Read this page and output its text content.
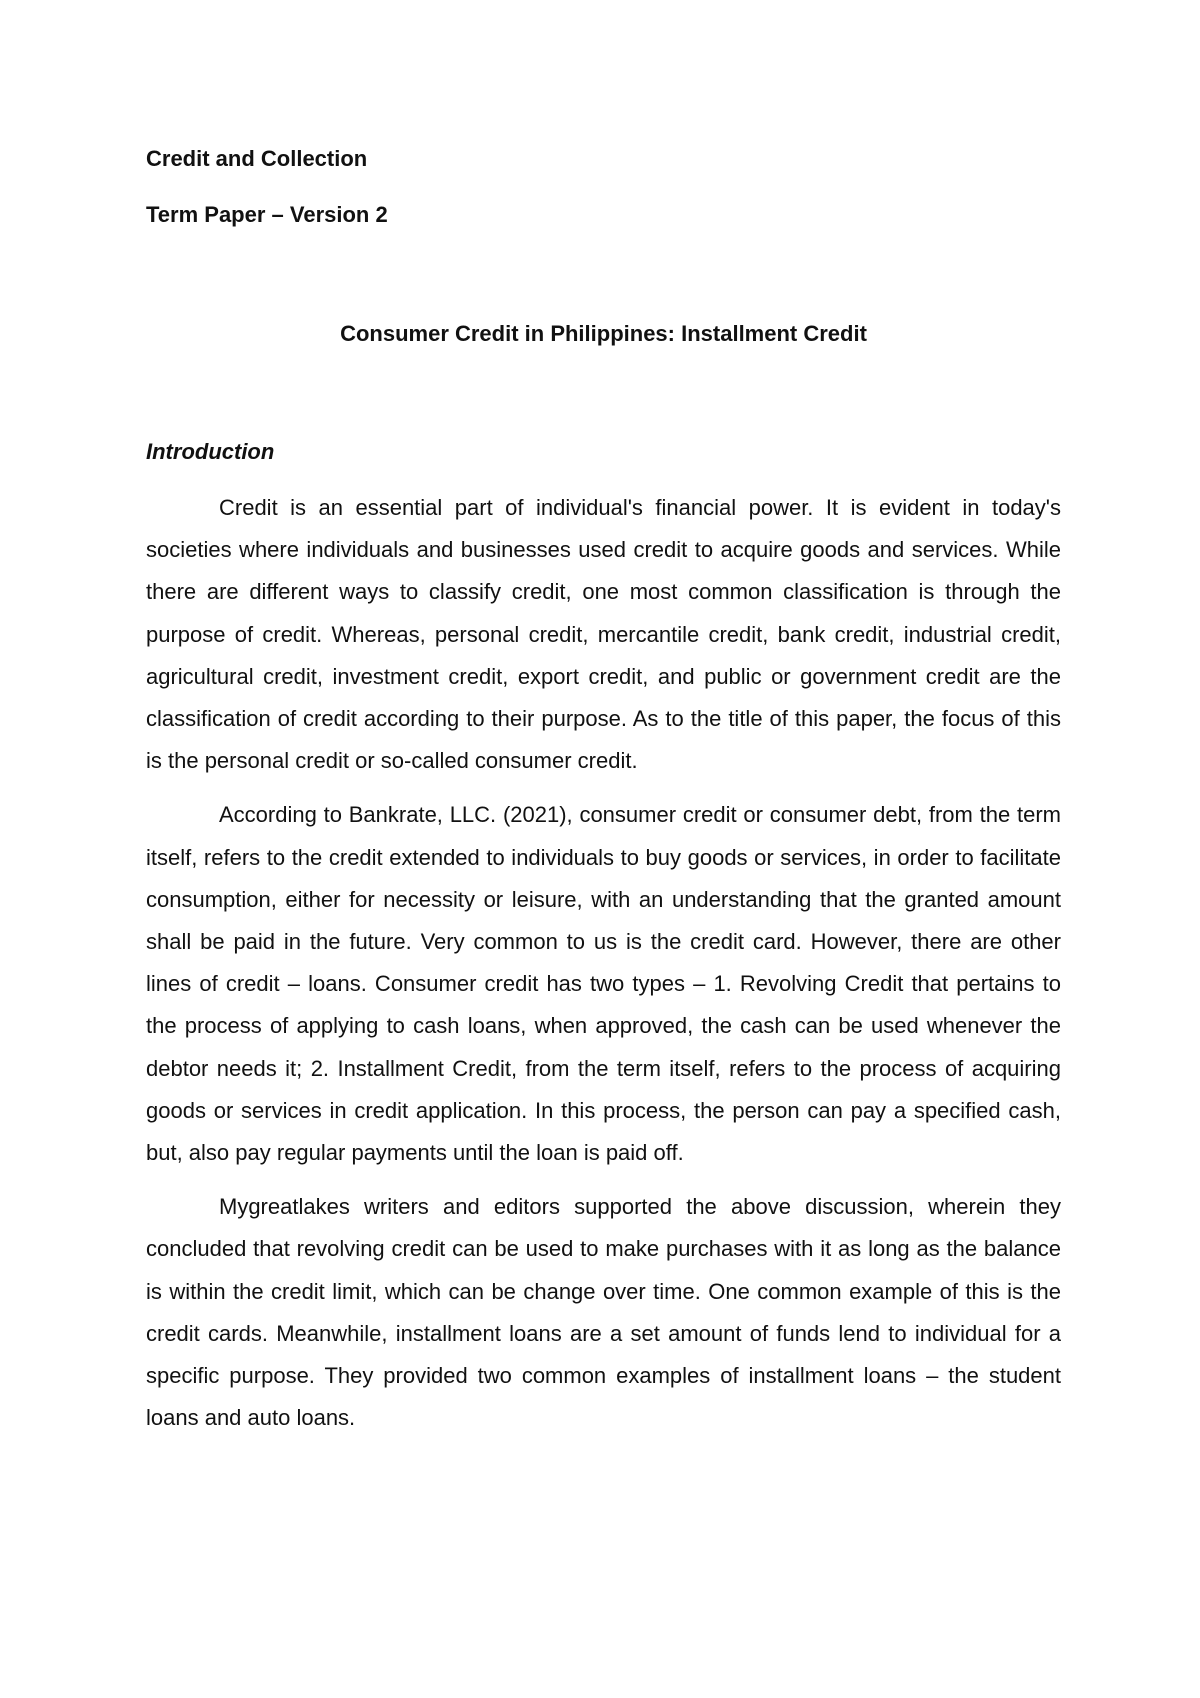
Credit and Collection

Term Paper – Version 2

Consumer Credit in Philippines: Installment Credit

Introduction

Credit is an essential part of individual's financial power. It is evident in today's societies where individuals and businesses used credit to acquire goods and services. While there are different ways to classify credit, one most common classification is through the purpose of credit. Whereas, personal credit, mercantile credit, bank credit, industrial credit, agricultural credit, investment credit, export credit, and public or government credit are the classification of credit according to their purpose. As to the title of this paper, the focus of this is the personal credit or so-called consumer credit.

According to Bankrate, LLC. (2021), consumer credit or consumer debt, from the term itself, refers to the credit extended to individuals to buy goods or services, in order to facilitate consumption, either for necessity or leisure, with an understanding that the granted amount shall be paid in the future. Very common to us is the credit card. However, there are other lines of credit – loans. Consumer credit has two types – 1. Revolving Credit that pertains to the process of applying to cash loans, when approved, the cash can be used whenever the debtor needs it; 2. Installment Credit, from the term itself, refers to the process of acquiring goods or services in credit application. In this process, the person can pay a specified cash, but, also pay regular payments until the loan is paid off.

Mygreatlakes writers and editors supported the above discussion, wherein they concluded that revolving credit can be used to make purchases with it as long as the balance is within the credit limit, which can be change over time. One common example of this is the credit cards. Meanwhile, installment loans are a set amount of funds lend to individual for a specific purpose. They provided two common examples of installment loans – the student loans and auto loans.
